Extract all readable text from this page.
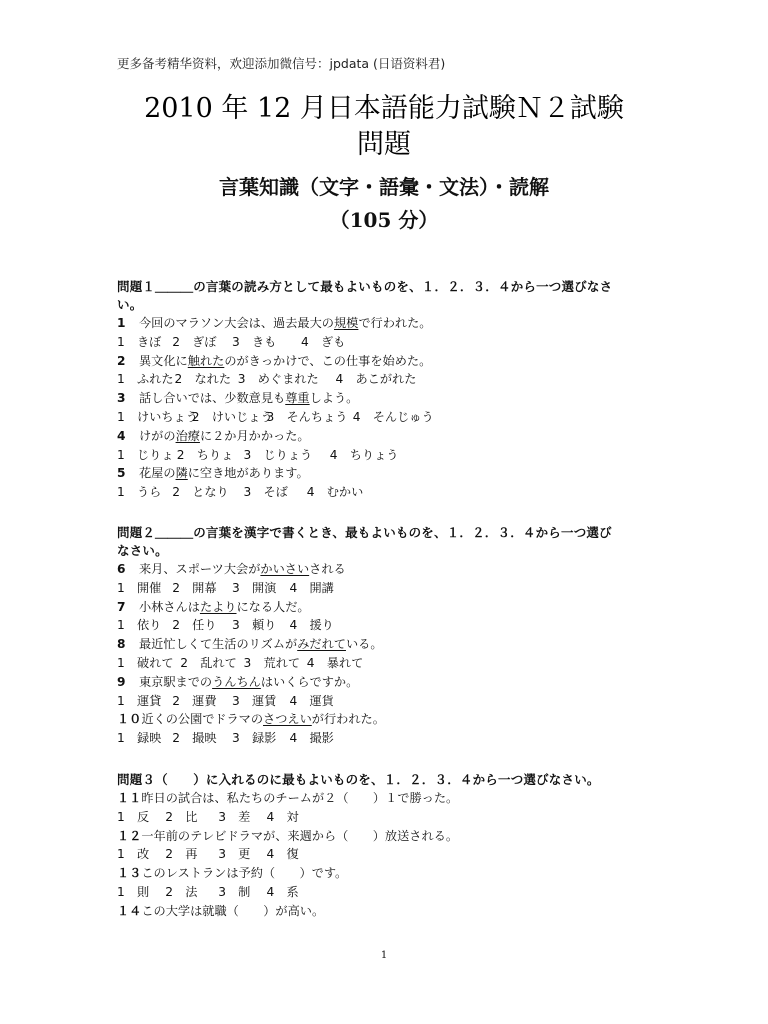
更多备考精华资料，欢迎添加微信号：jpdata (日语资料君)
2010 年 12 月日本語能力試験Ｎ２試験
問題
言葉知識（文字・語彙・文法）・読解
（105 分）

問題１＿＿＿の言葉の読み方として最もよいものを、１．２．３．４から一つ選びなさ

い。

1 今回のマラソン大会は、過去最大の規模で行われた。

1　きぼ 2　ぎぼ 3　きも 4　ぎも

2 異文化に触れたのがきっかけで、この仕事を始めた。

1　ふれた 2　なれた 3　めぐまれた 4　あこがれた

3 話し合いでは、少数意見も尊重しよう。

1　けいちょう
2　けいじょう
3　そんちょう 4　そんじゅう

4 けがの治療に２か月かかった。

1　じりょ 2　ちりょ 3　じりょう 4　ちりょう

5 花屋の隣に空き地があります。

1　うら 2　となり 3　そば 4　むかい

問題２＿＿＿の言葉を漢字で書くとき、最もよいものを、１．２．３．４から一つ選び

なさい。

6 来月、スポーツ大会がかいさいされる

1　開催 2　開幕 3　開演 4　開講

7 小林さんはたよりになる人だ。

1　依り 2　任り 3　頼り 4　援り

8 最近忙しくて生活のリズムがみだれている。

1　破れて 2　乱れて 3　荒れて 4　暴れて

9 東京駅までのうんちんはいくらですか。

1　運貸 2　運費 3　運賃 4　運貨

１０近くの公園でドラマのさつえいが行われた。

1　録映 2　撮映 3　録影 4　撮影

問題３（　　）に入れるのに最もよいものを、１．２．３．４から一つ選びなさい。

１１昨日の試合は、私たちのチームが２（　　）１で勝った。

1　反 2　比 3　差 4　対

１２一年前のテレビドラマが、来週から（　　）放送される。

1　改 2　再 3　更 4　復

１３このレストランは予約（　　）です。

1　則 2　法 3　制 4　系

１４この大学は就職（　　）が高い。

1
